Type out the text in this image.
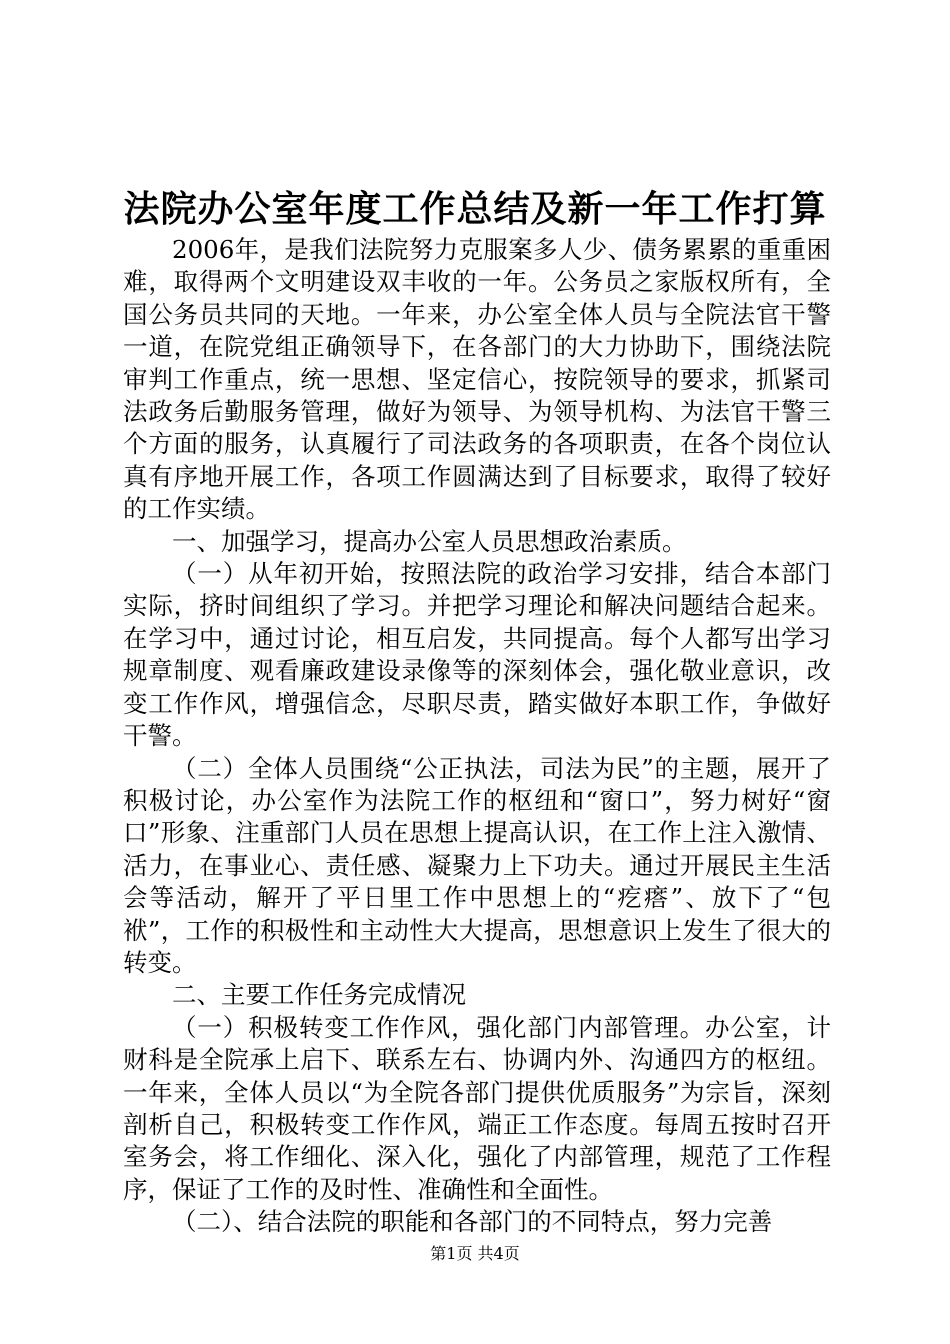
法院办公室年度工作总结及新一年工作打算

2006年，是我们法院努力克服案多人少、债务累累的重重困难，取得两个文明建设双丰收的一年。公务员之家版权所有，全国公务员共同的天地。一年来，办公室全体人员与全院法官干警一道，在院党组正确领导下，在各部门的大力协助下，围绕法院审判工作重点，统一思想、坚定信心，按院领导的要求，抓紧司法政务后勤服务管理，做好为领导、为领导机构、为法官干警三个方面的服务，认真履行了司法政务的各项职责，在各个岗位认真有序地开展工作，各项工作圆满达到了目标要求，取得了较好的工作实绩。

一、加强学习，提高办公室人员思想政治素质。

（一）从年初开始，按照法院的政治学习安排，结合本部门实际，挤时间组织了学习。并把学习理论和解决问题结合起来。在学习中，通过讨论，相互启发，共同提高。每个人都写出学习规章制度、观看廉政建设录像等的深刻体会，强化敬业意识，改变工作作风，增强信念，尽职尽责，踏实做好本职工作，争做好干警。

（二）全体人员围绕“公正执法，司法为民”的主题，展开了积极讨论，办公室作为法院工作的枢纽和“窗口”，努力树好“窗口”形象、注重部门人员在思想上提高认识，在工作上注入激情、活力，在事业心、责任感、凝聚力上下功夫。通过开展民主生活会等活动，解开了平日里工作中思想上的“疙瘩”、放下了“包袱”，工作的积极性和主动性大大提高，思想意识上发生了很大的转变。

二、主要工作任务完成情况

（一）积极转变工作作风，强化部门内部管理。办公室，计财科是全院承上启下、联系左右、协调内外、沟通四方的枢纽。一年来，全体人员以“为全院各部门提供优质服务”为宗旨，深刻剖析自己，积极转变工作作风，端正工作态度。每周五按时召开室务会，将工作细化、深入化，强化了内部管理，规范了工作程序，保证了工作的及时性、准确性和全面性。

（二）、结合法院的职能和各部门的不同特点，努力完善

第1页 共4页
